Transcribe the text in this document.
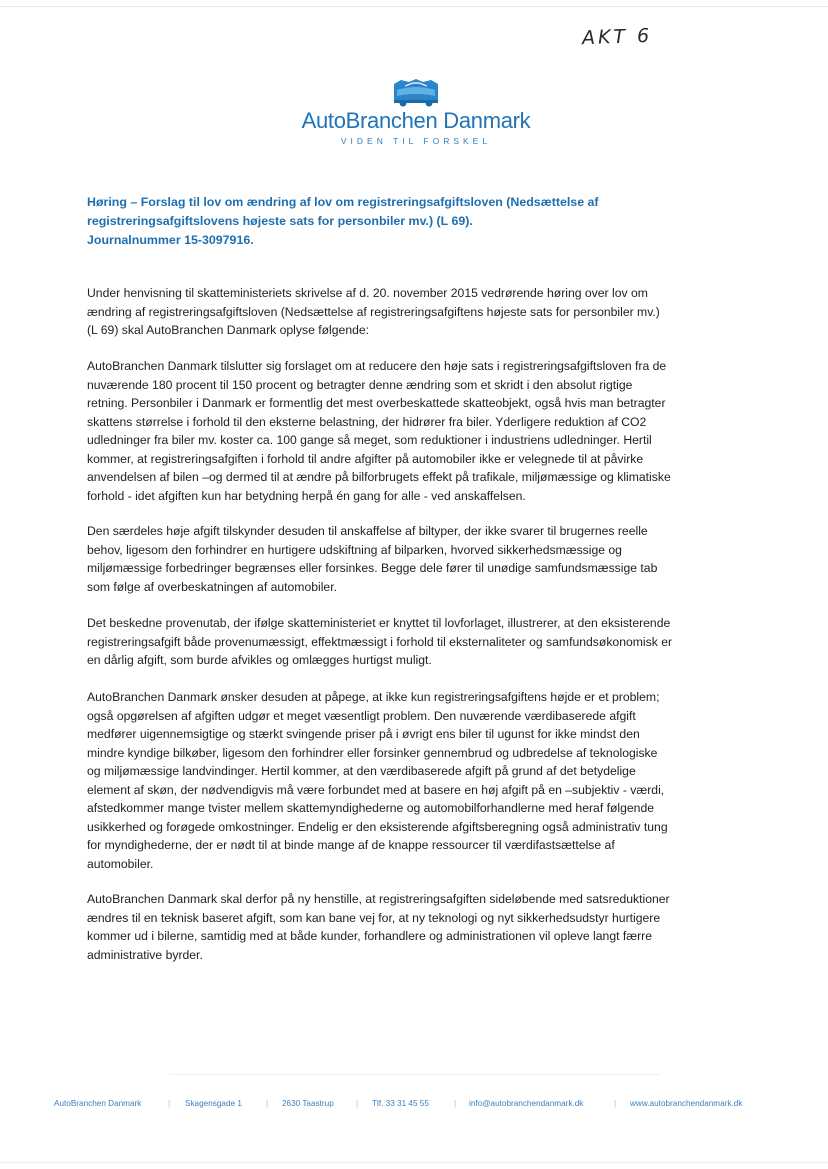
AKT 6
AutoBranchen Danmark
VIDEN TIL FORSKEL
Høring – Forslag til lov om ændring af lov om registreringsafgiftsloven (Nedsættelse af
registreringsafgiftslovens højeste sats for personbiler mv.) (L 69).
Journalnummer 15-3097916.
Under henvisning til skatteministeriets skrivelse af d. 20. november 2015 vedrørende høring over lov om
ændring af registreringsafgiftsloven (Nedsættelse af registreringsafgiftens højeste sats for personbiler mv.)
(L 69) skal AutoBranchen Danmark oplyse følgende:
AutoBranchen Danmark tilslutter sig forslaget om at reducere den høje sats i registreringsafgiftsloven fra de
nuværende 180 procent til 150 procent og betragter denne ændring som et skridt i den absolut rigtige
retning. Personbiler i Danmark er formentlig det mest overbeskattede skatteobjekt, også hvis man betragter
skattens størrelse i forhold til den eksterne belastning, der hidrører fra biler. Yderligere reduktion af CO2
udledninger fra biler mv. koster ca. 100 gange så meget, som reduktioner i industriens udledninger. Hertil
kommer, at registreringsafgiften i forhold til andre afgifter på automobiler ikke er velegnede til at påvirke
anvendelsen af bilen –og dermed til at ændre på bilforbrugets effekt på trafikale, miljømæssige og klimatiske
forhold - idet afgiften kun har betydning herpå én gang for alle - ved anskaffelsen.
Den særdeles høje afgift tilskynder desuden til anskaffelse af biltyper, der ikke svarer til brugernes reelle
behov, ligesom den forhindrer en hurtigere udskiftning af bilparken, hvorved sikkerhedsmæssige og
miljømæssige forbedringer begrænses eller forsinkes. Begge dele fører til unødige samfundsmæssige tab
som følge af overbeskatningen af automobiler.
Det beskedne provenutab, der ifølge skatteministeriet er knyttet til lovforlaget, illustrerer, at den eksisterende
registreringsafgift både provenumæssigt, effektmæssigt i forhold til eksternaliteter og samfundsøkonomisk er
en dårlig afgift, som burde afvikles og omlægges hurtigst muligt.
AutoBranchen Danmark ønsker desuden at påpege, at ikke kun registreringsafgiftens højde er et problem;
også opgørelsen af afgiften udgør et meget væsentligt problem. Den nuværende værdibaserede afgift
medfører uigennemsigtige og stærkt svingende priser på i øvrigt ens biler til ugunst for ikke mindst den
mindre kyndige bilkøber, ligesom den forhindrer eller forsinker gennembrud og udbredelse af teknologiske
og miljømæssige landvindinger. Hertil kommer, at den værdibaserede afgift på grund af det betydelige
element af skøn, der nødvendigvis må være forbundet med at basere en høj afgift på en –subjektiv - værdi,
afstedkommer mange tvister mellem skattemyndighederne og automobilforhandlerne med heraf følgende
usikkerhed og forøgede omkostninger. Endelig er den eksisterende afgiftsberegning også administrativ tung
for myndighederne, der er nødt til at binde mange af de knappe ressourcer til værdifastsættelse af
automobiler.
AutoBranchen Danmark skal derfor på ny henstille, at registreringsafgiften sideløbende med satsreduktioner
ændres til en teknisk baseret afgift, som kan bane vej for, at ny teknologi og nyt sikkerhedsudstyr hurtigere
kommer ud i bilerne, samtidig med at både kunder, forhandlere og administrationen vil opleve langt færre
administrative byrder.
AutoBranchen Danmark	| Skagensgade 1	| 2630 Taastrup	| Tlf. 33 31 45 55	| info@autobranchendanmark.dk	| www.autobranchendanmark.dk
